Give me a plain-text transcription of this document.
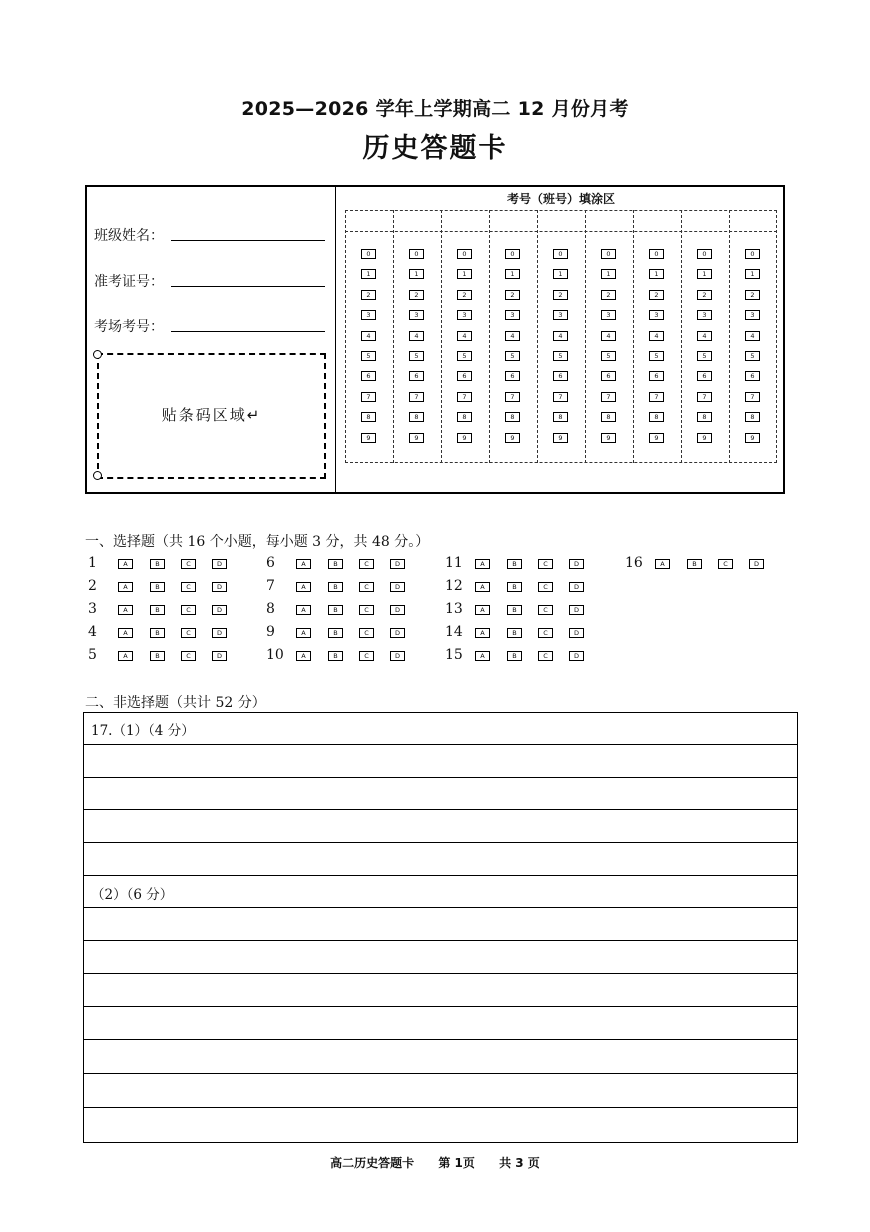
2025—2026 学年上学期高二 12 月份月考
历史答题卡
班级姓名：
准考证号：
考场考号：
贴条码区域↵
考号（班号）填涂区
一、选择题（共 16 个小题，每小题 3 分，共 48 分。）
二、非选择题（共计 52 分）
17.（1）（4 分）
（2）（6 分）
高二历史答题卡 第 1页 共 3 页
0	0	0	0	0	0	0	0	0
1	1	1	1	1	1	1	1	1
2	2	2	2	2	2	2	2	2
3	3	3	3	3	3	3	3	3
4	4	4	4	4	4	4	4	4
5	5	5	5	5	5	5	5	5
6	6	6	6	6	6	6	6	6
7	7	7	7	7	7	7	7	7
8	8	8	8	8	8	8	8	8
9	9	9	9	9	9	9	9	9
1	A	B	C	D
2	A	B	C	D
3	A	B	C	D
4	A	B	C	D
5	A	B	C	D
6	A	B	C	D
7	A	B	C	D
8	A	B	C	D
9	A	B	C	D
10	A	B	C	D
11	A	B	C	D
12	A	B	C	D
13	A	B	C	D
14	A	B	C	D
15	A	B	C	D
16	A	B	C	D
